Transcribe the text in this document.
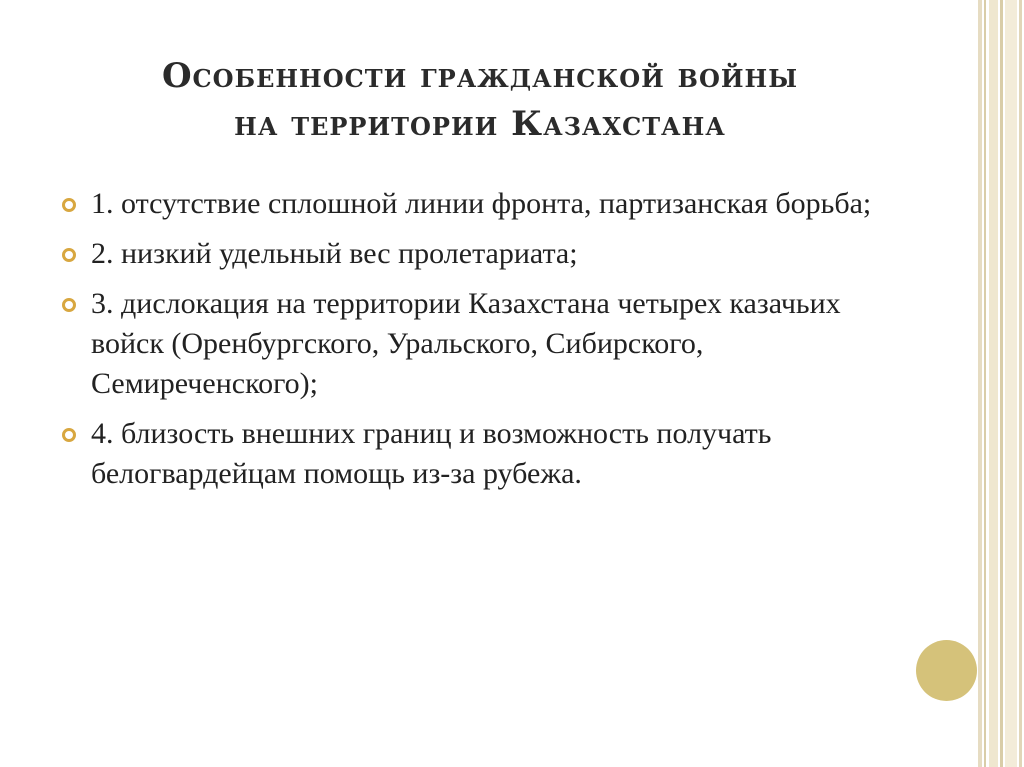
Особенности гражданской войны
на территории Казахстана
1. отсутствие сплошной линии фронта, партизанская борьба;
2. низкий удельный вес пролетариата;
3. дислокация на территории Казахстана четырех казачьих войск (Оренбургского, Уральского, Сибирского, Семиреченского);
4. близость внешних границ и возможность получать белогвардейцам помощь из-за рубежа.
